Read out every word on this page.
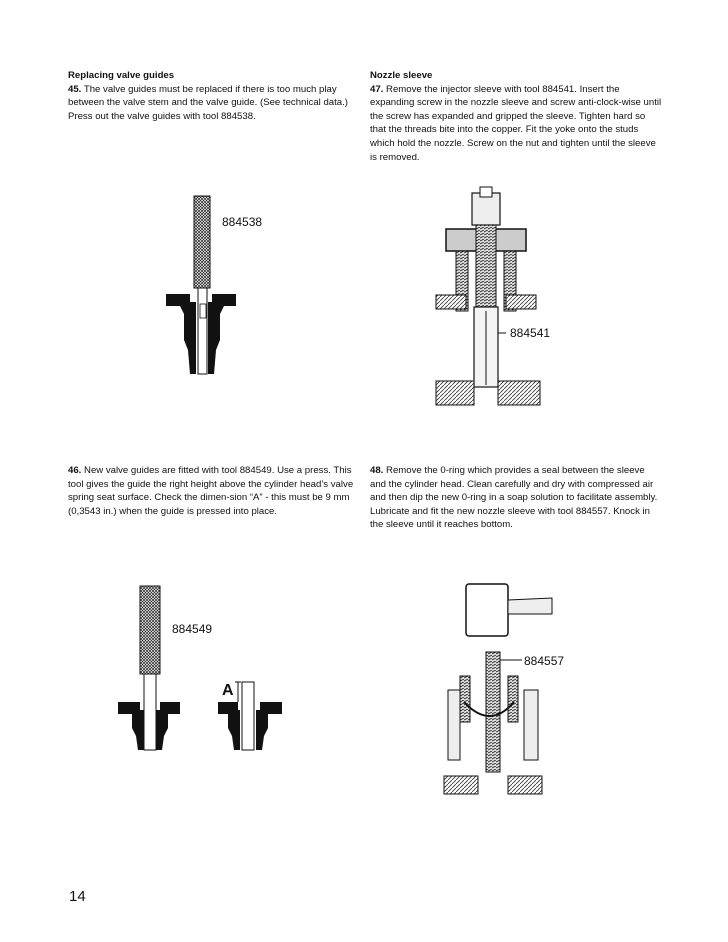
Replacing valve guides

45. The valve guides must be replaced if there is too much play between the valve stem and the valve guide. (See technical data.) Press out the valve guides with tool 884538.

Nozzle sleeve

47. Remove the injector sleeve with tool 884541. Insert the expanding screw in the nozzle sleeve and screw anti-clock-wise until the screw has expanded and gripped the sleeve. Tighten hard so that the threads bite into the copper. Fit the yoke onto the studs which hold the nozzle. Screw on the nut and tighten until the sleeve is removed.

46. New valve guides are fitted with tool 884549. Use a press. This tool gives the guide the right height above the cylinder head’s valve spring seat surface. Check the dimen-sion “A” - this must be 9 mm (0,3543 in.) when the guide is pressed into place.

48. Remove the 0-ring which provides a seal between the sleeve and the cylinder head. Clean carefully and dry with compressed air and then dip the new 0-ring in a soap solution to facilitate assembly. Lubricate and fit the new nozzle sleeve with tool 884557. Knock in the sleeve until it reaches bottom.

884538
884541
884549
A
884557
14
